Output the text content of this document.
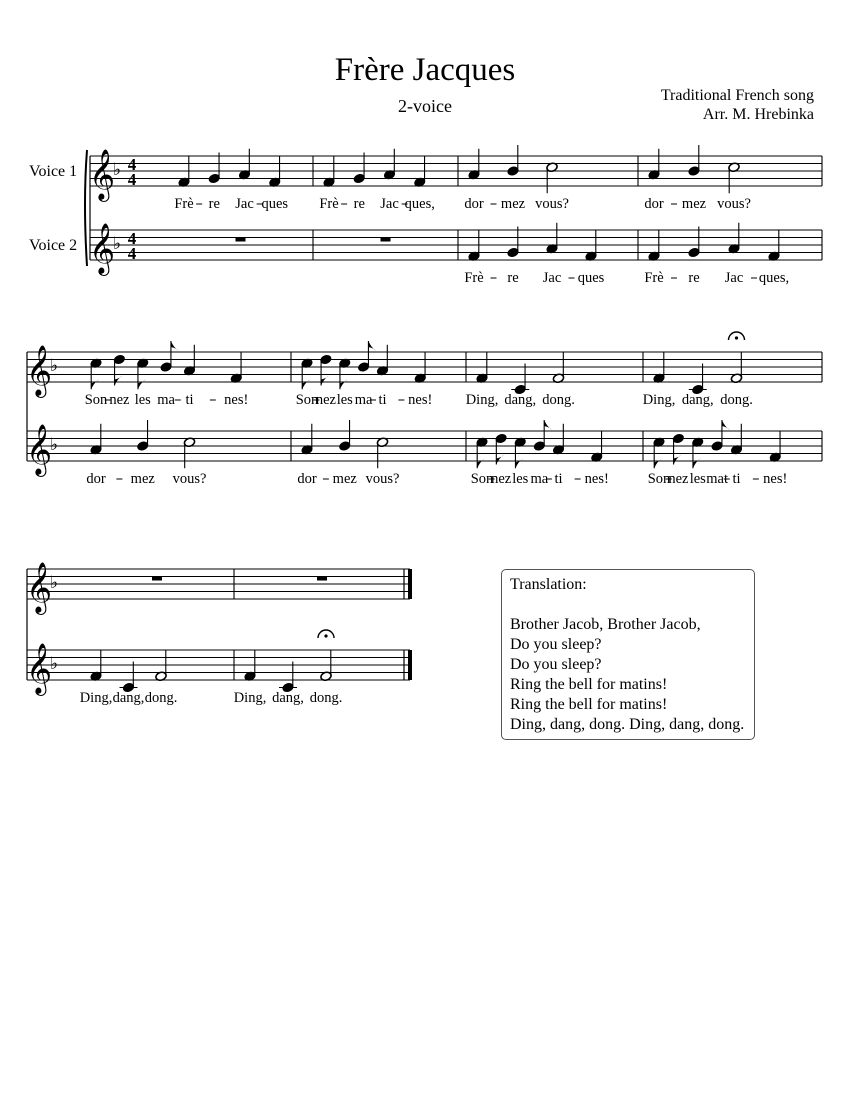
Frère Jacques
2-voice
Traditional French song
Arr. M. Hrebinka
Voice 1
Voice 2
𝄞
♭ 4
4
𝄞
♭ 4
4
Frè re Jac ques Frè re Jac ques, dor mez vous?
Frè re Jac ques
dor mez vous?
Frè re Jac ques,
𝄞
♭
𝄞
♭
Son nez les ma ti nes!
dor mez vous?
Son
nez les ma ti nes!
dor mez vous?
Ding, dang, dong.
Son
nez les ma ti nes!
Ding, dang, dong.
Son
nez les mat ti nes!
𝄞
♭
𝄞
♭
Ding, dang, dong.	Ding, dang, dong.
Translation:
Brother Jacob, Brother Jacob,
Do you sleep?
Do you sleep?
Ring the bell for matins!
Ring the bell for matins!
Ding, dang, dong. Ding, dang, dong.
